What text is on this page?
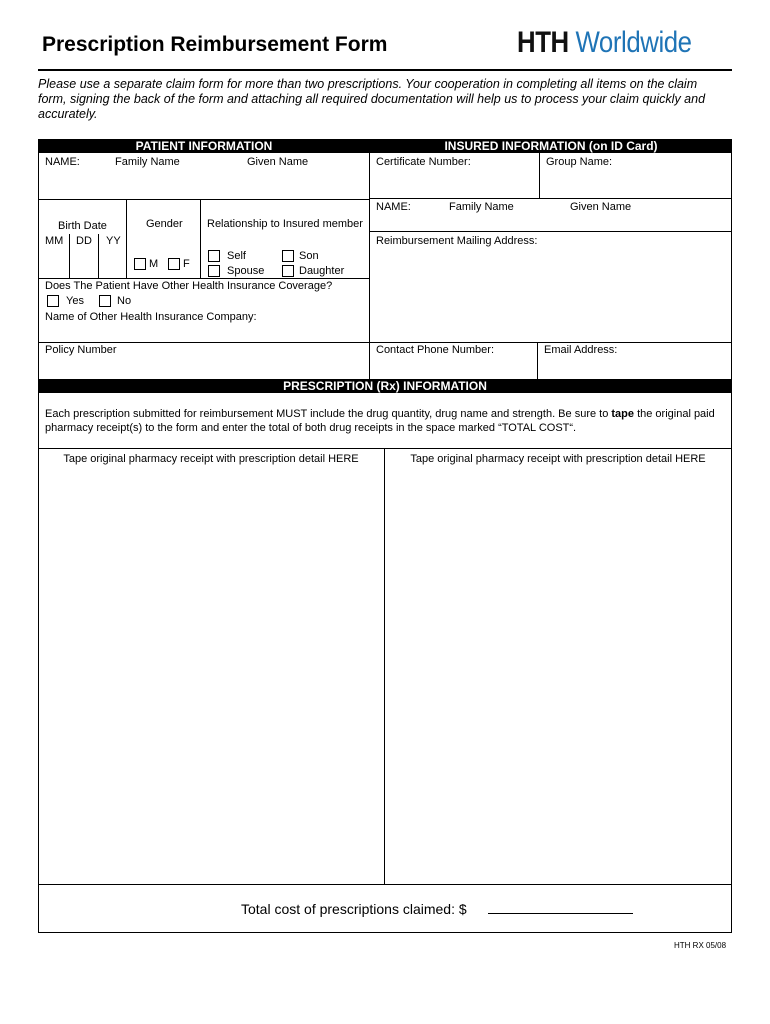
Prescription Reimbursement Form	HTH Worldwide
Please use a separate claim form for more than two prescriptions. Your cooperation in completing all items on the claim form, signing the back of the form and attaching all required documentation will help us to process your claim quickly and accurately.
PATIENT INFORMATION	INSURED INFORMATION (on ID Card)
NAME:	Family Name	Given Name
Birth Date
MM DD YY
Gender
M F
Relationship to Insured member
Self	Son
Spouse	Daughter
Does The Patient Have Other Health Insurance Coverage?
Yes	No
Name of Other Health Insurance Company:
Policy Number
Certificate Number:	Group Name:
NAME:	Family Name	Given Name
Reimbursement Mailing Address:
Contact Phone Number:	Email Address:
PRESCRIPTION (Rx) INFORMATION
Each prescription submitted for reimbursement MUST include the drug quantity, drug name and strength. Be sure to tape the original paid pharmacy receipt(s) to the form and enter the total of both drug receipts in the space marked “TOTAL COST“.
Tape original pharmacy receipt with prescription detail HERE	Tape original pharmacy receipt with prescription detail HERE
Total cost of prescriptions claimed: $
HTH RX 05/08
